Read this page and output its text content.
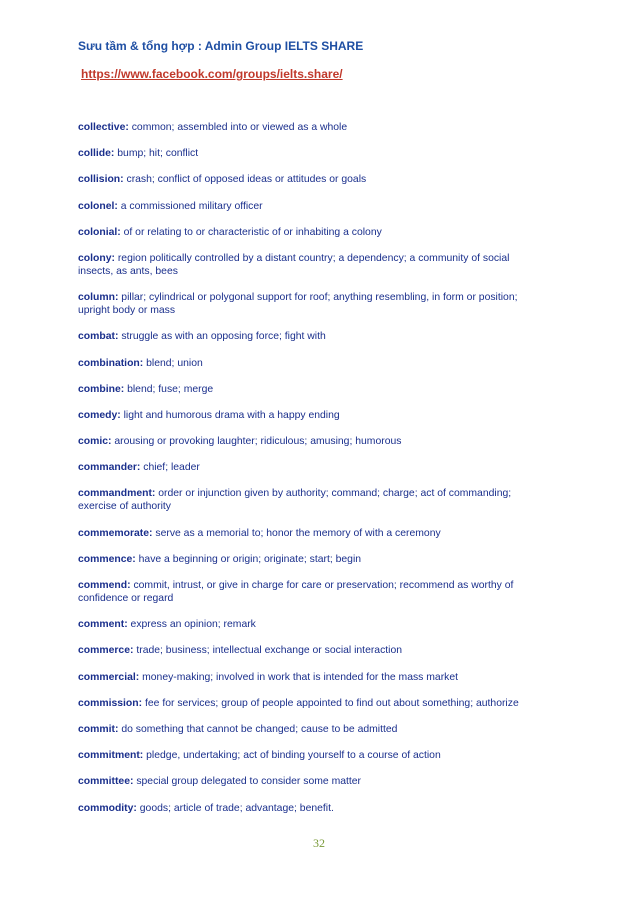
Sưu tầm & tổng hợp : Admin Group IELTS SHARE
https://www.facebook.com/groups/ielts.share/
collective: common; assembled into or viewed as a whole
collide: bump; hit; conflict
collision: crash; conflict of opposed ideas or attitudes or goals
colonel: a commissioned military officer
colonial: of or relating to or characteristic of or inhabiting a colony
colony: region politically controlled by a distant country; a dependency; a community of social insects, as ants, bees
column: pillar; cylindrical or polygonal support for roof; anything resembling, in form or position; upright body or mass
combat: struggle as with an opposing force; fight with
combination: blend; union
combine: blend; fuse; merge
comedy: light and humorous drama with a happy ending
comic: arousing or provoking laughter; ridiculous; amusing; humorous
commander: chief; leader
commandment: order or injunction given by authority; command; charge; act of commanding; exercise of authority
commemorate: serve as a memorial to; honor the memory of with a ceremony
commence: have a beginning or origin; originate; start; begin
commend: commit, intrust, or give in charge for care or preservation; recommend as worthy of confidence or regard
comment: express an opinion; remark
commerce: trade; business; intellectual exchange or social interaction
commercial: money-making; involved in work that is intended for the mass market
commission: fee for services; group of people appointed to find out about something; authorize
commit: do something that cannot be changed; cause to be admitted
commitment: pledge, undertaking; act of binding yourself to a course of action
committee: special group delegated to consider some matter
commodity: goods; article of trade; advantage; benefit.
32
